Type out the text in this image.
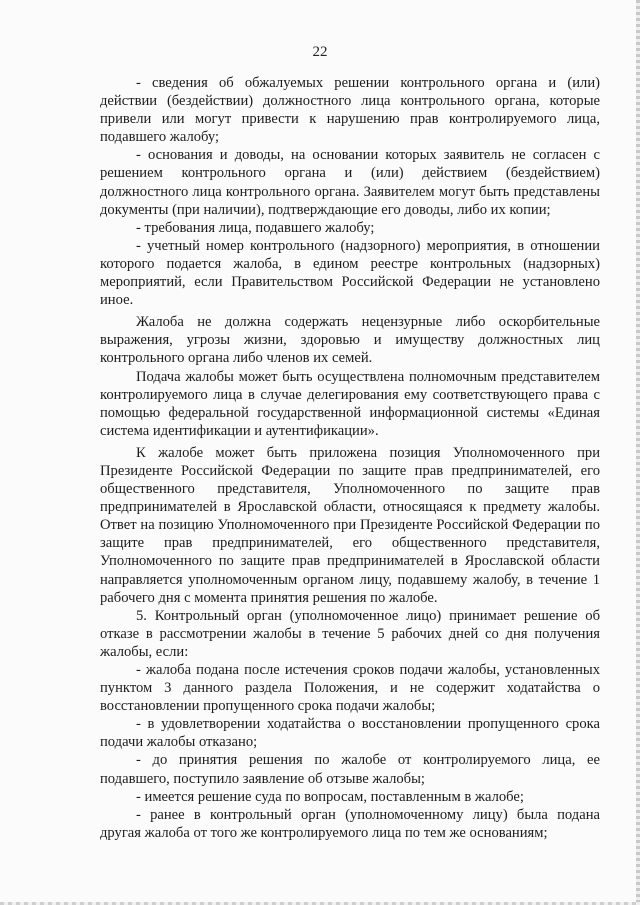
22

- сведения об обжалуемых решении контрольного органа и (или) действии (бездействии) должностного лица контрольного органа, которые привели или могут привести к нарушению прав контролируемого лица, подавшего жалобу;

- основания и доводы, на основании которых заявитель не согласен с решением контрольного органа и (или) действием (бездействием) должностного лица контрольного органа. Заявителем могут быть представлены документы (при наличии), подтверждающие его доводы, либо их копии;

- требования лица, подавшего жалобу;

- учетный номер контрольного (надзорного) мероприятия, в отношении которого подается жалоба, в едином реестре контрольных (надзорных) мероприятий, если Правительством Российской Федерации не установлено иное.

Жалоба не должна содержать нецензурные либо оскорбительные выражения, угрозы жизни, здоровью и имуществу должностных лиц контрольного органа либо членов их семей.

Подача жалобы может быть осуществлена полномочным представителем контролируемого лица в случае делегирования ему соответствующего права с помощью федеральной государственной информационной системы «Единая система идентификации и аутентификации».

К жалобе может быть приложена позиция Уполномоченного при Президенте Российской Федерации по защите прав предпринимателей, его общественного представителя, Уполномоченного по защите прав предпринимателей в Ярославской области, относящаяся к предмету жалобы. Ответ на позицию Уполномоченного при Президенте Российской Федерации по защите прав предпринимателей, его общественного представителя, Уполномоченного по защите прав предпринимателей в Ярославской области направляется уполномоченным органом лицу, подавшему жалобу, в течение 1 рабочего дня с момента принятия решения по жалобе.

5. Контрольный орган (уполномоченное лицо) принимает решение об отказе в рассмотрении жалобы в течение 5 рабочих дней со дня получения жалобы, если:

- жалоба подана после истечения сроков подачи жалобы, установленных пунктом 3 данного раздела Положения, и не содержит ходатайства о восстановлении пропущенного срока подачи жалобы;

- в удовлетворении ходатайства о восстановлении пропущенного срока подачи жалобы отказано;

- до принятия решения по жалобе от контролируемого лица, ее подавшего, поступило заявление об отзыве жалобы;

- имеется решение суда по вопросам, поставленным в жалобе;

- ранее в контрольный орган (уполномоченному лицу) была подана другая жалоба от того же контролируемого лица по тем же основаниям;
